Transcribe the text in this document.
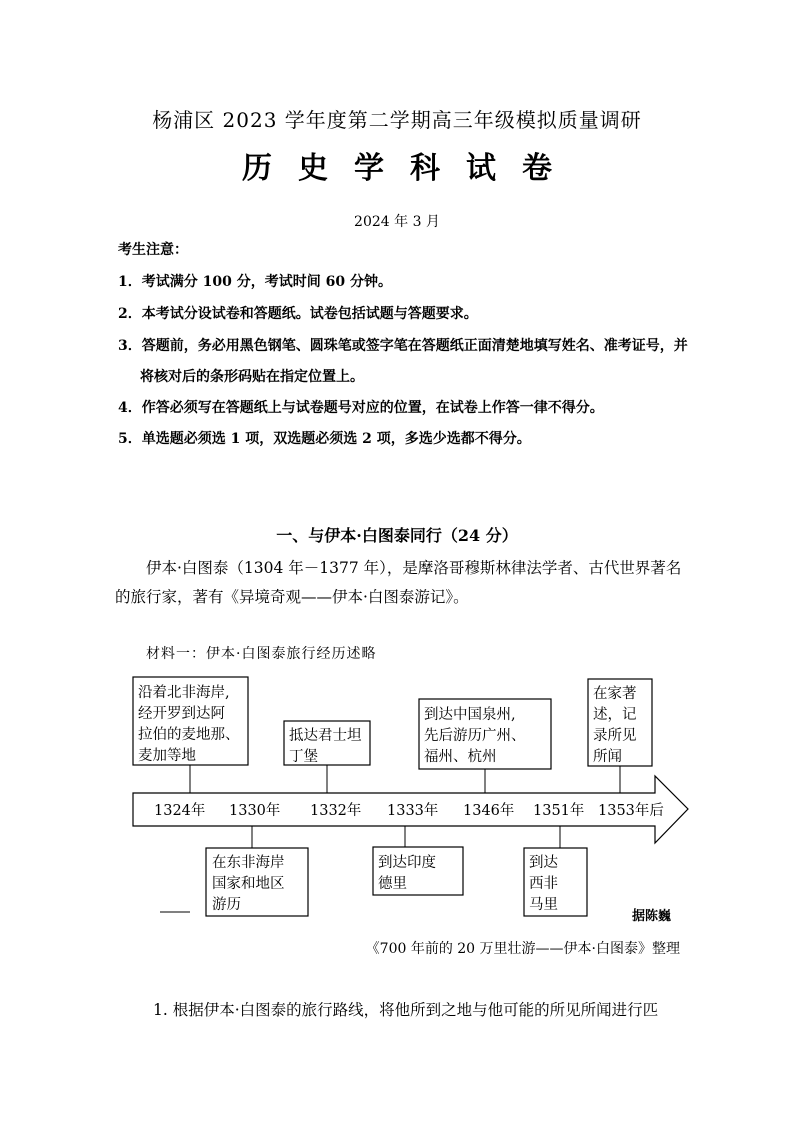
杨浦区 2023 学年度第二学期高三年级模拟质量调研
历史学科试卷
2024 年 3 月
考生注意：
1．考试满分 100 分，考试时间 60 分钟。
2．本考试分设试卷和答题纸。试卷包括试题与答题要求。
3．答题前，务必用黑色钢笔、圆珠笔或签字笔在答题纸正面清楚地填写姓名、准考证号，并
将核对后的条形码贴在指定位置上。
4．作答必须写在答题纸上与试卷题号对应的位置，在试卷上作答一律不得分。
5．单选题必须选 1 项，双选题必须选 2 项，多选少选都不得分。
一、与伊本·白图泰同行（24 分）
伊本·白图泰（1304 年－1377 年），是摩洛哥穆斯林律法学者、古代世界著名
的旅行家，著有《异境奇观——伊本·白图泰游记》。
材料一：伊本·白图泰旅行经历述略
1324年 1330年 1332年 1333年 1346年 1351年 1353年后
沿着北非海岸,
经开罗到达阿
拉伯的麦地那、
麦加等地
抵达君士坦
丁堡
到达中国泉州,
先后游历广州、
福州、杭州
在家著
述，记
录所见
所闻
在东非海岸
国家和地区
游历
到达印度
德里
到达
西非
马里
据陈巍
《700 年前的 20 万里壮游——伊本·白图泰》整理
1. 根据伊本·白图泰的旅行路线，将他所到之地与他可能的所见所闻进行匹
